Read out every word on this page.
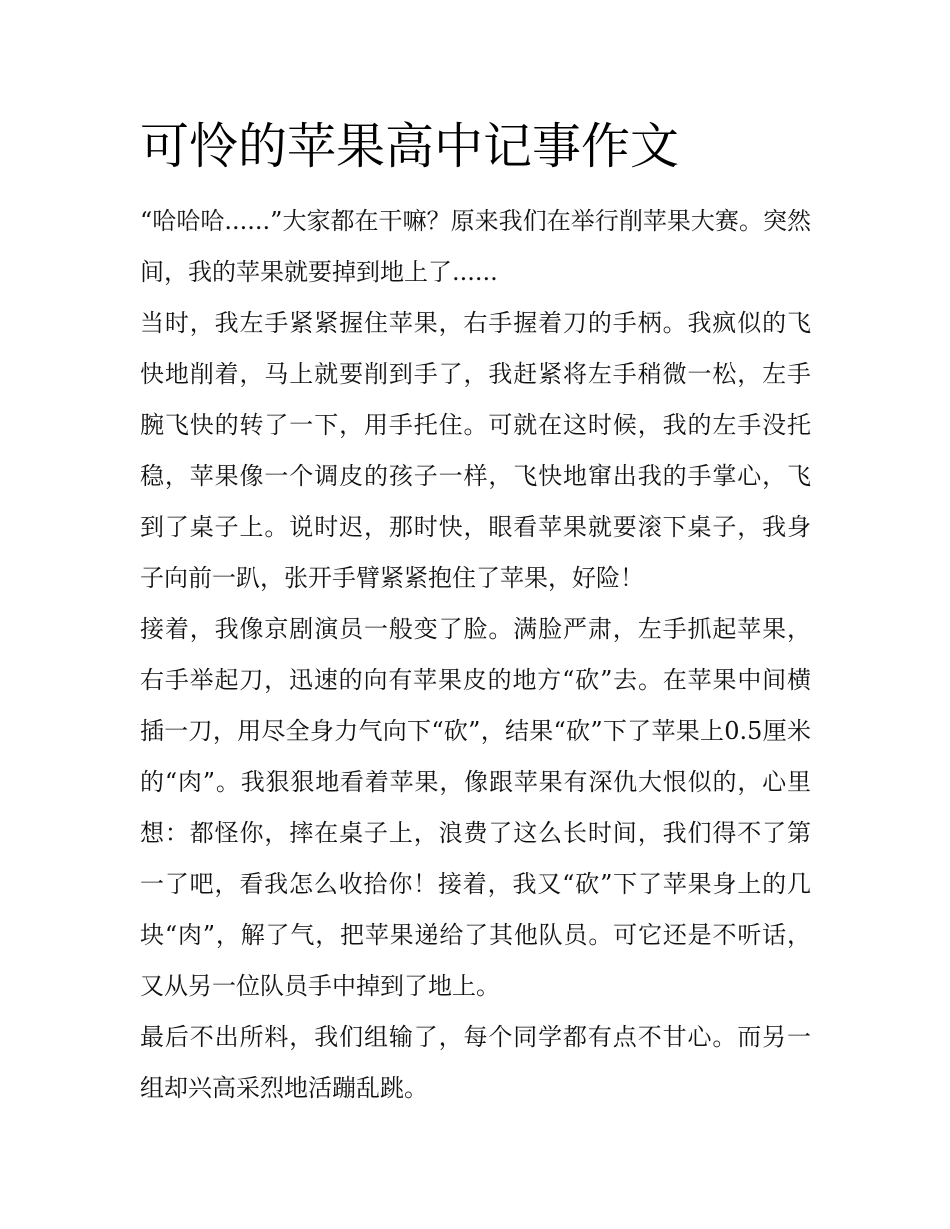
可怜的苹果高中记事作文

“哈哈哈......”大家都在干嘛？原来我们在举行削苹果大赛。突然间，我的苹果就要掉到地上了......

当时，我左手紧紧握住苹果，右手握着刀的手柄。我疯似的飞快地削着，马上就要削到手了，我赶紧将左手稍微一松，左手腕飞快的转了一下，用手托住。可就在这时候，我的左手没托稳，苹果像一个调皮的孩子一样，飞快地窜出我的手掌心，飞到了桌子上。说时迟，那时快，眼看苹果就要滚下桌子，我身子向前一趴，张开手臂紧紧抱住了苹果，好险！

接着，我像京剧演员一般变了脸。满脸严肃，左手抓起苹果，右手举起刀，迅速的向有苹果皮的地方“砍”去。在苹果中间横插一刀，用尽全身力气向下“砍”，结果“砍”下了苹果上0.5厘米的“肉”。我狠狠地看着苹果，像跟苹果有深仇大恨似的，心里想：都怪你，摔在桌子上，浪费了这么长时间，我们得不了第一了吧，看我怎么收拾你！接着，我又“砍”下了苹果身上的几块“肉”，解了气，把苹果递给了其他队员。可它还是不听话，又从另一位队员手中掉到了地上。

最后不出所料，我们组输了，每个同学都有点不甘心。而另一组却兴高采烈地活蹦乱跳。
